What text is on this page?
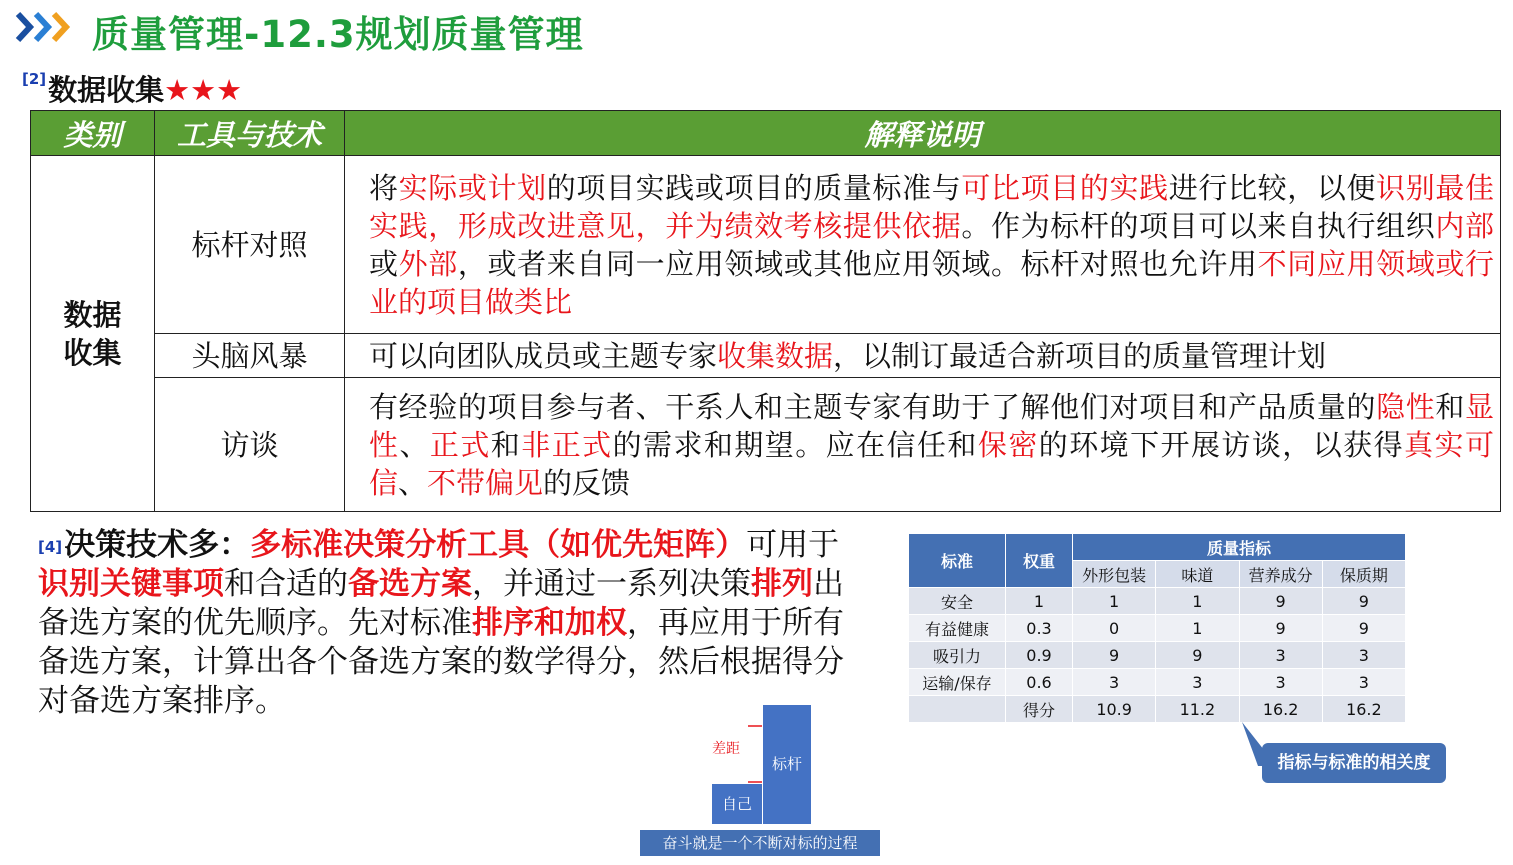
质量管理-12.3规划质量管理
[2]数据收集★★★
类别	工具与技术	解释说明
数据
收集	标杆对照	将实际或计划的项目实践或项目的质量标准与可比项目的实践进行比较，以便识别最佳实践，形成改进意见，并为绩效考核提供依据。作为标杆的项目可以来自执行组织内部或外部，或者来自同一应用领域或其他应用领域。标杆对照也允许用不同应用领域或行业的项目做类比
	头脑风暴	可以向团队成员或主题专家收集数据，以制订最适合新项目的质量管理计划
	访谈	有经验的项目参与者、干系人和主题专家有助于了解他们对项目和产品质量的隐性和显性、正式和非正式的需求和期望。应在信任和保密的环境下开展访谈，以获得真实可信、不带偏见的反馈
[4]决策技术多：多标准决策分析工具（如优先矩阵）可用于识别关键事项和合适的备选方案，并通过一系列决策排列出备选方案的优先顺序。先对标准排序和加权，再应用于所有备选方案，计算出各个备选方案的数学得分，然后根据得分对备选方案排序。
标准	权重	质量指标			
		外形包装	味道	营养成分	保质期
安全	1	1	1	9	9
有益健康	0.3	0	1	9	9
吸引力	0.9	9	9	3	3
运输/保存	0.6	3	3	3	3
	得分	10.9	11.2	16.2	16.2
指标与标准的相关度
自己
标杆
差距
奋斗就是一个不断对标的过程
